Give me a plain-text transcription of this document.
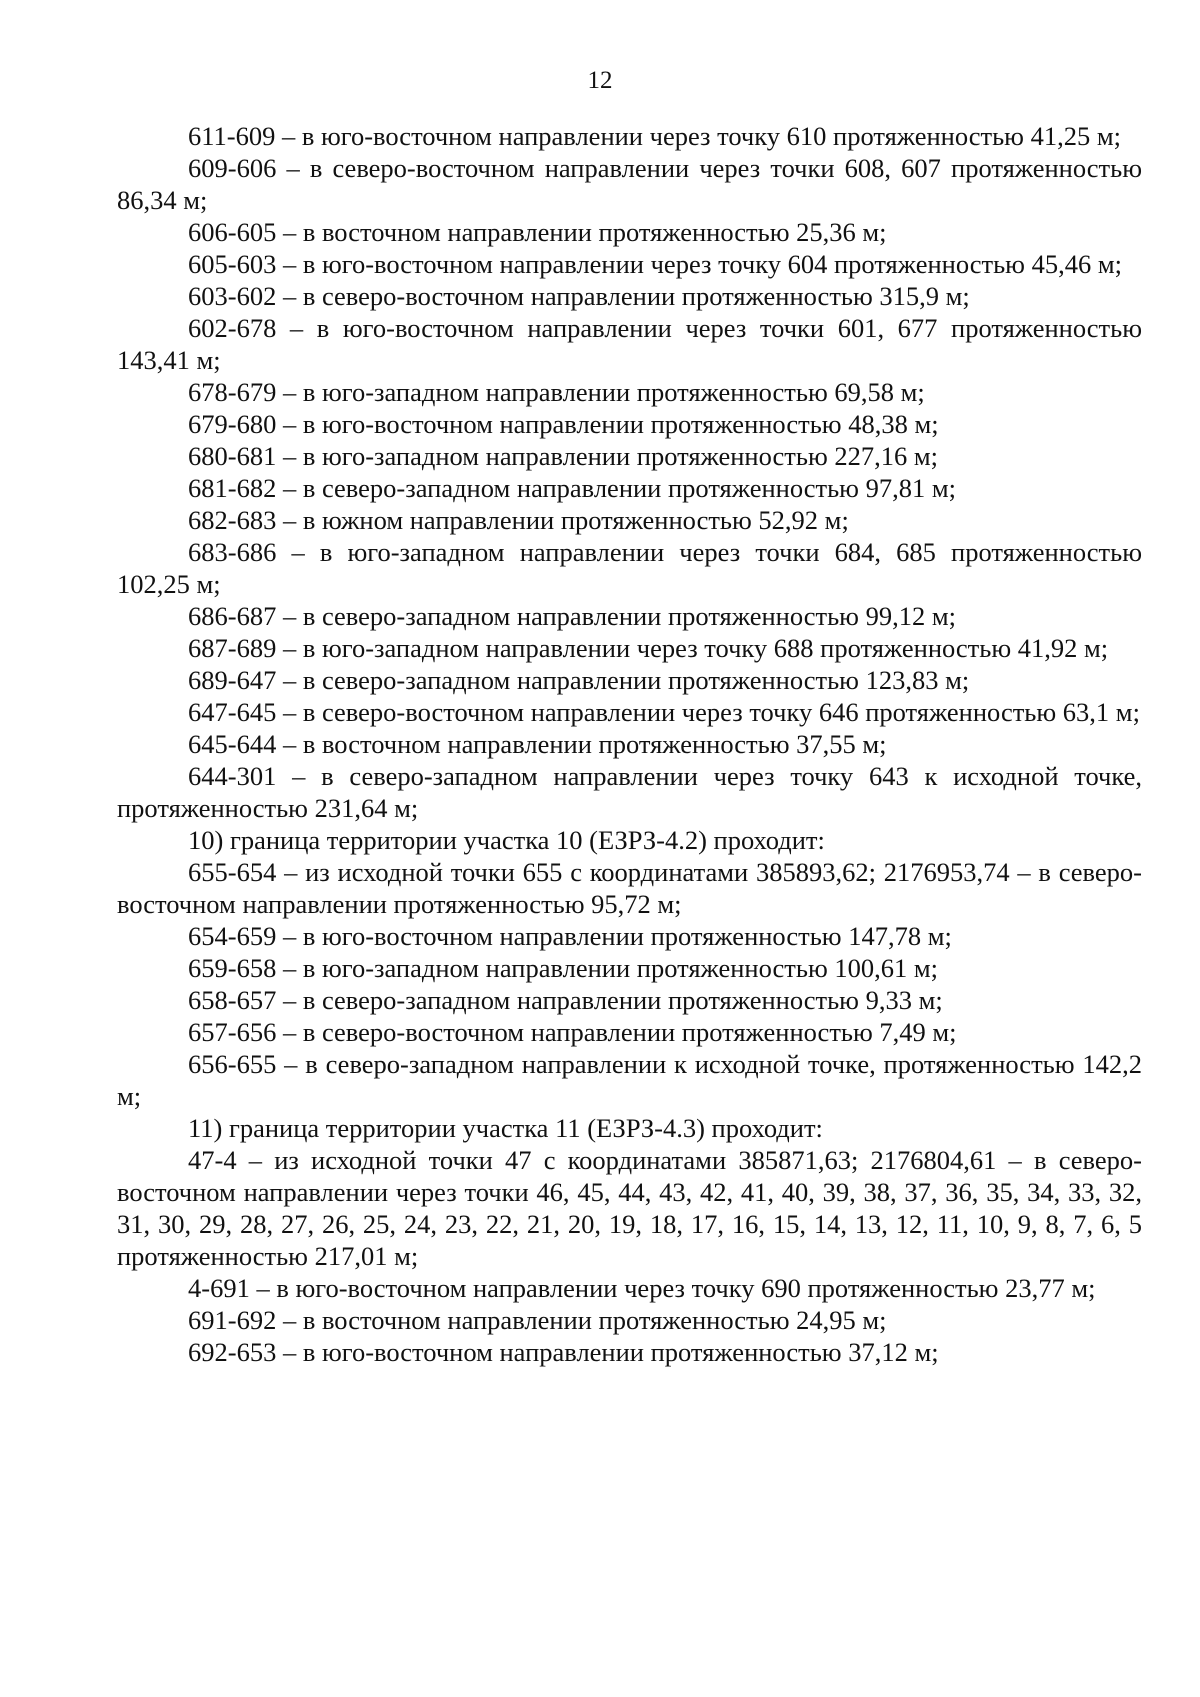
12

611-609 – в юго-восточном направлении через точку 610 протяженностью 41,25 м;

609-606 – в северо-восточном направлении через точки 608, 607 протяженностью 86,34 м;

606-605 – в восточном направлении протяженностью 25,36 м;

605-603 – в юго-восточном направлении через точку 604 протяженностью 45,46 м;

603-602 – в северо-восточном направлении протяженностью 315,9 м;

602-678 – в юго-восточном направлении через точки 601, 677 протяженностью 143,41 м;

678-679 – в юго-западном направлении протяженностью 69,58 м;

679-680 – в юго-восточном направлении протяженностью 48,38 м;

680-681 – в юго-западном направлении протяженностью 227,16 м;

681-682 – в северо-западном направлении протяженностью 97,81 м;

682-683 – в южном направлении протяженностью 52,92 м;

683-686 – в юго-западном направлении через точки 684, 685 протяженностью 102,25 м;

686-687 – в северо-западном направлении протяженностью 99,12 м;

687-689 – в юго-западном направлении через точку 688 протяженностью 41,92 м;

689-647 – в северо-западном направлении протяженностью 123,83 м;

647-645 – в северо-восточном направлении через точку 646 протяженностью 63,1 м;

645-644 – в восточном направлении протяженностью 37,55 м;

644-301 – в северо-западном направлении через точку 643 к исходной точке, протяженностью 231,64 м;

10) граница территории участка 10 (ЕЗРЗ-4.2) проходит:

655-654 – из исходной точки 655 с координатами 385893,62; 2176953,74 – в северо-восточном направлении протяженностью 95,72 м;

654-659 – в юго-восточном направлении протяженностью 147,78 м;

659-658 – в юго-западном направлении протяженностью 100,61 м;

658-657 – в северо-западном направлении протяженностью 9,33 м;

657-656 – в северо-восточном направлении протяженностью 7,49 м;

656-655 – в северо-западном направлении к исходной точке, протяженностью 142,2 м;

11) граница территории участка 11 (ЕЗРЗ-4.3) проходит:

47-4 – из исходной точки 47 с координатами 385871,63; 2176804,61 – в северо-восточном направлении через точки 46, 45, 44, 43, 42, 41, 40, 39, 38, 37, 36, 35, 34, 33, 32, 31, 30, 29, 28, 27, 26, 25, 24, 23, 22, 21, 20, 19, 18, 17, 16, 15, 14, 13, 12, 11, 10, 9, 8, 7, 6, 5 протяженностью 217,01 м;

4-691 – в юго-восточном направлении через точку 690 протяженностью 23,77 м;

691-692 – в восточном направлении протяженностью 24,95 м;

692-653 – в юго-восточном направлении протяженностью 37,12 м;
